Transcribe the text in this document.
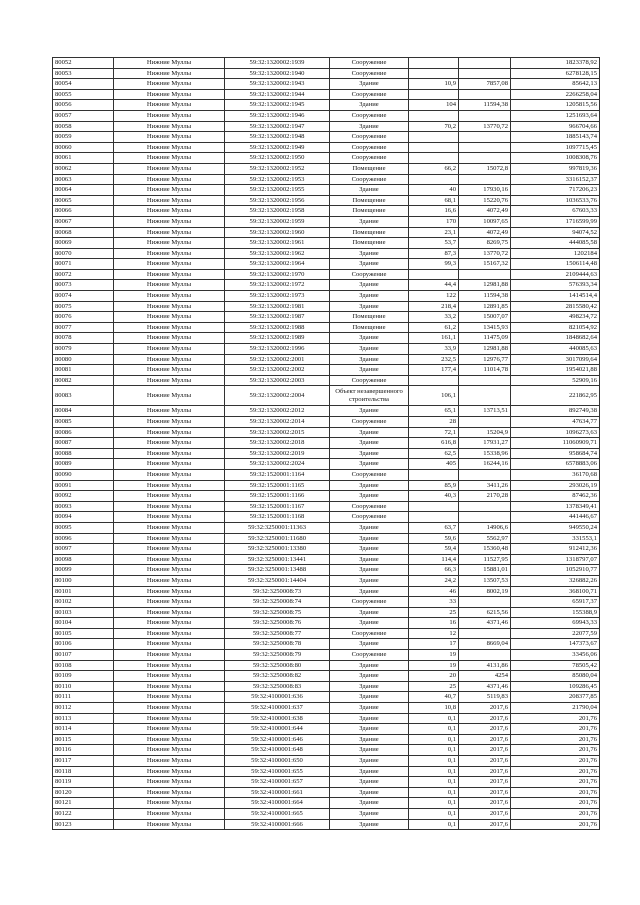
80052	Нижние Муллы	59:32:1320002:1939	Сооружение			1823378,92
80053	Нижние Муллы	59:32:1320002:1940	Сооружение			6278128,15
80054	Нижние Муллы	59:32:1320002:1943	Здание	10,9	7857,08	85642,13
80055	Нижние Муллы	59:32:1320002:1944	Сооружение			2266258,04
80056	Нижние Муллы	59:32:1320002:1945	Здание	104	11594,38	1205815,56
80057	Нижние Муллы	59:32:1320002:1946	Сооружение			1251693,64
80058	Нижние Муллы	59:32:1320002:1947	Здание	70,2	13770,72	966704,66
80059	Нижние Муллы	59:32:1320002:1948	Сооружение			1885143,74
80060	Нижние Муллы	59:32:1320002:1949	Сооружение			1097715,45
80061	Нижние Муллы	59:32:1320002:1950	Сооружение			1008308,76
80062	Нижние Муллы	59:32:1320002:1952	Помещение	66,2	15072,8	997819,36
80063	Нижние Муллы	59:32:1320002:1953	Сооружение			3316152,37
80064	Нижние Муллы	59:32:1320002:1955	Здание	40	17930,16	717206,23
80065	Нижние Муллы	59:32:1320002:1956	Помещение	68,1	15220,76	1036533,76
80066	Нижние Муллы	59:32:1320002:1958	Помещение	16,6	4072,49	67603,33
80067	Нижние Муллы	59:32:1320002:1959	Здание	170	10097,65	1716599,99
80068	Нижние Муллы	59:32:1320002:1960	Помещение	23,1	4072,49	94074,52
80069	Нижние Муллы	59:32:1320002:1961	Помещение	53,7	8269,75	444085,58
80070	Нижние Муллы	59:32:1320002:1962	Здание	87,3	13770,72	1202184
80071	Нижние Муллы	59:32:1320002:1964	Здание	99,3	15167,32	1506114,48
80072	Нижние Муллы	59:32:1320002:1970	Сооружение			2109444,63
80073	Нижние Муллы	59:32:1320002:1972	Здание	44,4	12981,88	576393,34
80074	Нижние Муллы	59:32:1320002:1973	Здание	122	11594,38	1414514,4
80075	Нижние Муллы	59:32:1320002:1981	Здание	218,4	12891,85	2815580,42
80076	Нижние Муллы	59:32:1320002:1987	Помещение	33,2	15007,07	498234,72
80077	Нижние Муллы	59:32:1320002:1988	Помещение	61,2	13415,93	821054,92
80078	Нижние Муллы	59:32:1320002:1989	Здание	161,1	11475,09	1848682,64
80079	Нижние Муллы	59:32:1320002:1996	Здание	33,9	12981,88	440085,63
80080	Нижние Муллы	59:32:1320002:2001	Здание	232,5	12976,77	3017099,64
80081	Нижние Муллы	59:32:1320002:2002	Здание	177,4	11014,78	1954021,88
80082	Нижние Муллы	59:32:1320002:2003	Сооружение			52909,16
80083	Нижние Муллы	59:32:1320002:2004	Объект незавершенного строительства	106,1		221862,95
80084	Нижние Муллы	59:32:1320002:2012	Здание	65,1	13713,51	892749,38
80085	Нижние Муллы	59:32:1320002:2014	Сооружение	28		47634,77
80086	Нижние Муллы	59:32:1320002:2015	Здание	72,1	15204,9	1096273,63
80087	Нижние Муллы	59:32:1320002:2018	Здание	616,8	17931,27	11060909,71
80088	Нижние Муллы	59:32:1320002:2019	Здание	62,5	15338,96	958684,74
80089	Нижние Муллы	59:32:1320002:2024	Здание	405	16244,16	6578883,06
80090	Нижние Муллы	59:32:1520001:1164	Сооружение			36170,68
80091	Нижние Муллы	59:32:1520001:1165	Здание	85,9	3411,26	293026,19
80092	Нижние Муллы	59:32:1520001:1166	Здание	40,3	2170,28	87462,36
80093	Нижние Муллы	59:32:1520001:1167	Сооружение			1378349,41
80094	Нижние Муллы	59:32:1520001:1168	Сооружение			441446,67
80095	Нижние Муллы	59:32:3250001:11363	Здание	63,7	14906,6	949550,24
80096	Нижние Муллы	59:32:3250001:11680	Здание	59,6	5562,97	331553,1
80097	Нижние Муллы	59:32:3250001:13380	Здание	59,4	15360,48	912412,36
80098	Нижние Муллы	59:32:3250001:13441	Здание	114,4	11527,95	1318797,07
80099	Нижние Муллы	59:32:3250001:13488	Здание	66,3	15881,01	1052910,77
80100	Нижние Муллы	59:32:3250001:14404	Здание	24,2	13507,53	326882,26
80101	Нижние Муллы	59:32:3250008:73	Здание	46	8002,19	368100,71
80102	Нижние Муллы	59:32:3250008:74	Сооружение	33		65917,37
80103	Нижние Муллы	59:32:3250008:75	Здание	25	6215,56	155388,9
80104	Нижние Муллы	59:32:3250008:76	Здание	16	4371,46	69943,33
80105	Нижние Муллы	59:32:3250008:77	Сооружение	12		22077,59
80106	Нижние Муллы	59:32:3250008:78	Здание	17	8669,04	147373,67
80107	Нижние Муллы	59:32:3250008:79	Сооружение	19		33456,06
80108	Нижние Муллы	59:32:3250008:80	Здание	19	4131,86	78505,42
80109	Нижние Муллы	59:32:3250008:82	Здание	20	4254	85080,04
80110	Нижние Муллы	59:32:3250008:83	Здание	25	4371,46	109286,45
80111	Нижние Муллы	59:32:4100001:636	Здание	40,7	5119,83	208377,85
80112	Нижние Муллы	59:32:4100001:637	Здание	10,8	2017,6	21790,04
80113	Нижние Муллы	59:32:4100001:638	Здание	0,1	2017,6	201,76
80114	Нижние Муллы	59:32:4100001:644	Здание	0,1	2017,6	201,76
80115	Нижние Муллы	59:32:4100001:646	Здание	0,1	2017,6	201,76
80116	Нижние Муллы	59:32:4100001:648	Здание	0,1	2017,6	201,76
80117	Нижние Муллы	59:32:4100001:650	Здание	0,1	2017,6	201,76
80118	Нижние Муллы	59:32:4100001:655	Здание	0,1	2017,6	201,76
80119	Нижние Муллы	59:32:4100001:657	Здание	0,1	2017,6	201,76
80120	Нижние Муллы	59:32:4100001:661	Здание	0,1	2017,6	201,76
80121	Нижние Муллы	59:32:4100001:664	Здание	0,1	2017,6	201,76
80122	Нижние Муллы	59:32:4100001:665	Здание	0,1	2017,6	201,76
80123	Нижние Муллы	59:32:4100001:666	Здание	0,1	2017,6	201,76
